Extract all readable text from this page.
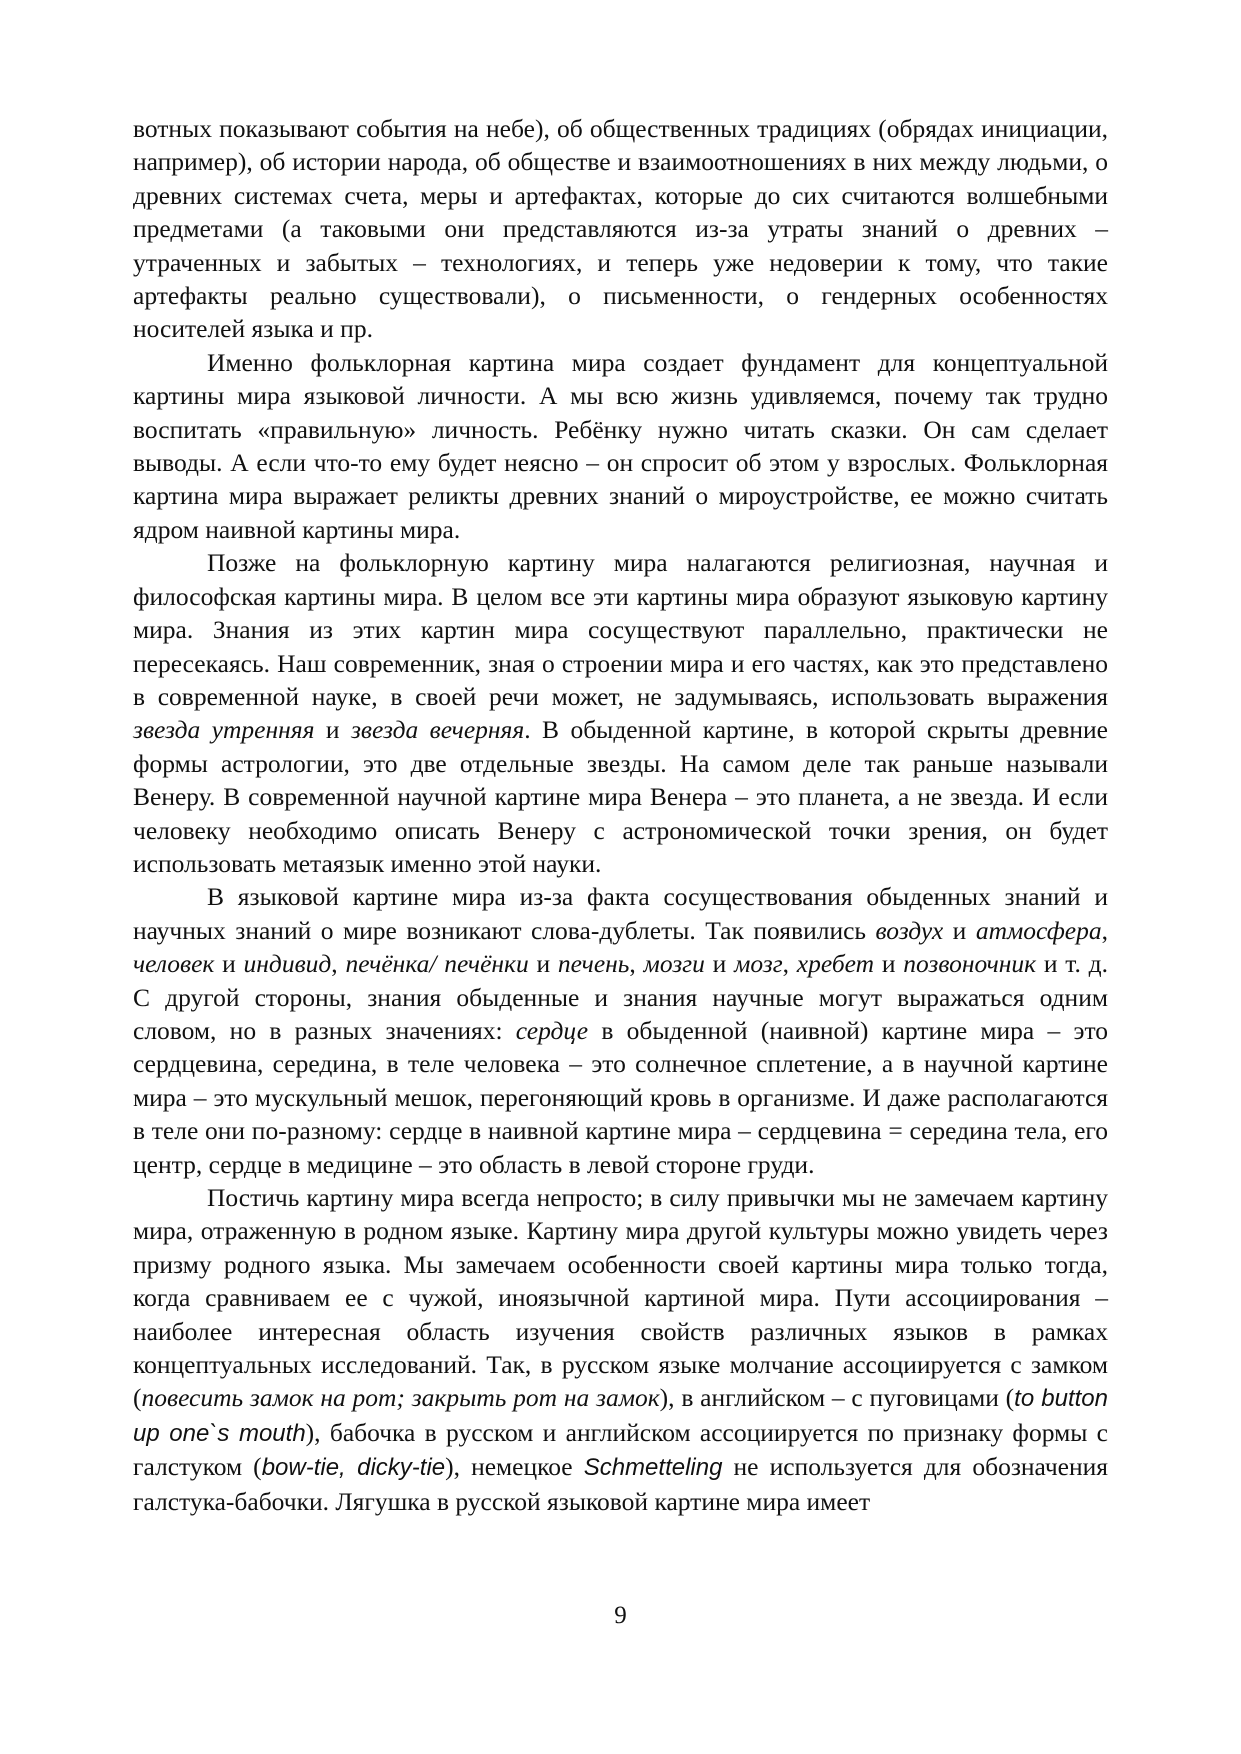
вотных показывают события на небе), об общественных традициях (обрядах инициации, например), об истории народа, об обществе и взаимоотношениях в них между людьми, о древних системах счета, меры и артефактах, которые до сих считаются волшебными предметами (а таковыми они представляются из-за утраты знаний о древних – утраченных и забытых – технологиях, и теперь уже недоверии к тому, что такие артефакты реально существовали), о письменности, о гендерных особенностях носителей языка и пр.

Именно фольклорная картина мира создает фундамент для концептуальной картины мира языковой личности. А мы всю жизнь удивляемся, почему так трудно воспитать «правильную» личность. Ребёнку нужно читать сказки. Он сам сделает выводы. А если что-то ему будет неясно – он спросит об этом у взрослых. Фольклорная картина мира выражает реликты древних знаний о мироустройстве, ее можно считать ядром наивной картины мира.

Позже на фольклорную картину мира налагаются религиозная, научная и философская картины мира. В целом все эти картины мира образуют языковую картину мира. Знания из этих картин мира сосуществуют параллельно, практически не пересекаясь. Наш современник, зная о строении мира и его частях, как это представлено в современной науке, в своей речи может, не задумываясь, использовать выражения звезда утренняя и звезда вечерняя. В обыденной картине, в которой скрыты древние формы астрологии, это две отдельные звезды. На самом деле так раньше называли Венеру. В современной научной картине мира Венера – это планета, а не звезда. И если человеку необходимо описать Венеру с астрономической точки зрения, он будет использовать метаязык именно этой науки.

В языковой картине мира из-за факта сосуществования обыденных знаний и научных знаний о мире возникают слова-дублеты. Так появились воздух и атмосфера, человек и индивид, печёнка/ печёнки и печень, мозги и мозг, хребет и позвоночник и т. д. С другой стороны, знания обыденные и знания научные могут выражаться одним словом, но в разных значениях: сердце в обыденной (наивной) картине мира – это сердцевина, середина, в теле человека – это солнечное сплетение, а в научной картине мира – это мускульный мешок, перегоняющий кровь в организме. И даже располагаются в теле они по-разному: сердце в наивной картине мира – сердцевина = середина тела, его центр, сердце в медицине – это область в левой стороне груди.

Постичь картину мира всегда непросто; в силу привычки мы не замечаем картину мира, отраженную в родном языке. Картину мира другой культуры можно увидеть через призму родного языка. Мы замечаем особенности своей картины мира только тогда, когда сравниваем ее с чужой, иноязычной картиной мира. Пути ассоциирования – наиболее интересная область изучения свойств различных языков в рамках концептуальных исследований. Так, в русском языке молчание ассоциируется с замком (повесить замок на рот; закрыть рот на замок), в английском – с пуговицами (to button up one`s mouth), бабочка в русском и английском ассоциируется по признаку формы с галстуком (bow-tie, dicky-tie), немецкое Schmetteling не используется для обозначения галстука-бабочки. Лягушка в русской языковой картине мира имеет

9
